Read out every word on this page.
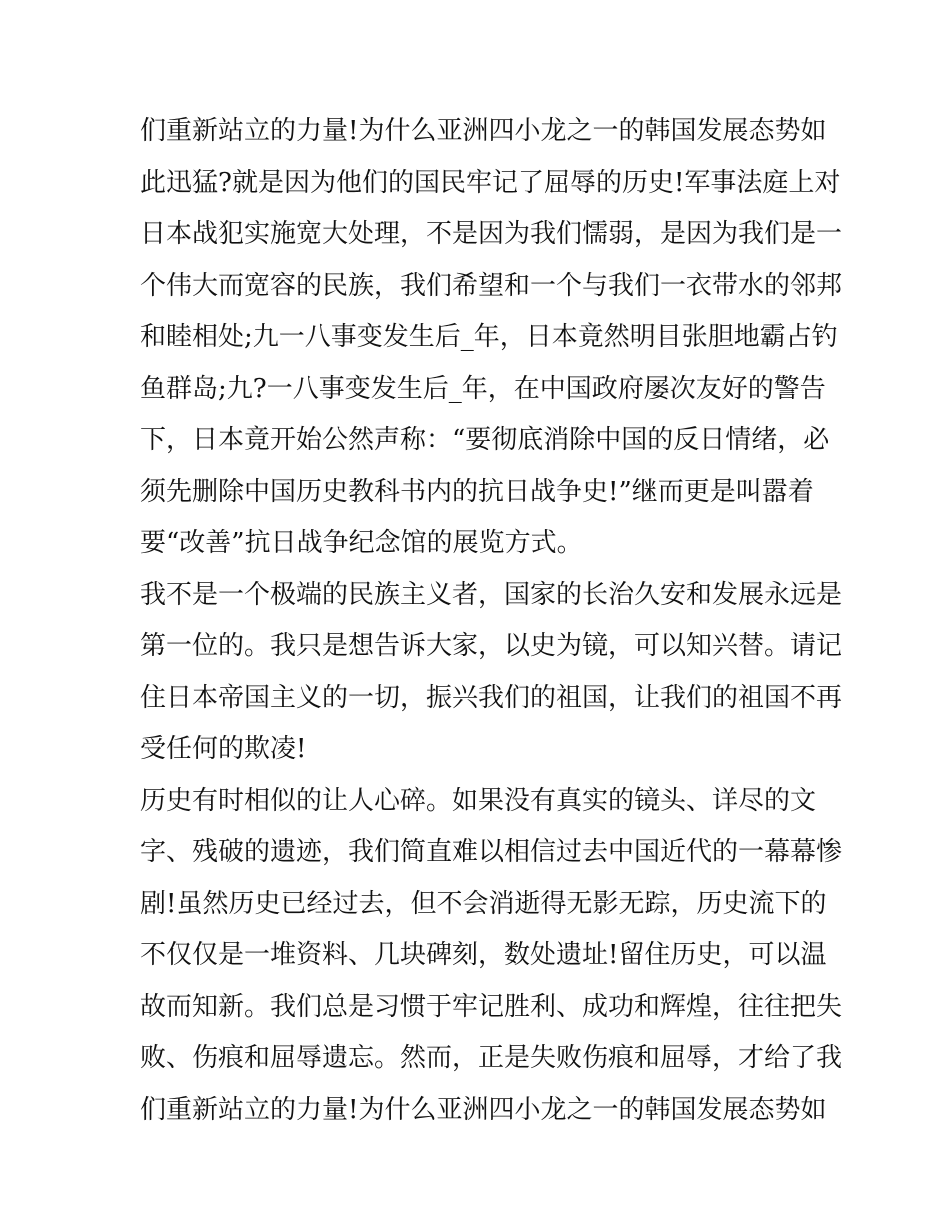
们重新站立的力量!为什么亚洲四小龙之一的韩国发展态势如
此迅猛?就是因为他们的国民牢记了屈辱的历史!军事法庭上对
日本战犯实施宽大处理，不是因为我们懦弱，是因为我们是一
个伟大而宽容的民族，我们希望和一个与我们一衣带水的邻邦
和睦相处;九一八事变发生后_年，日本竟然明目张胆地霸占钓
鱼群岛;九?一八事变发生后_年，在中国政府屡次友好的警告
下，日本竟开始公然声称：“要彻底消除中国的反日情绪，必
须先删除中国历史教科书内的抗日战争史!”继而更是叫嚣着
要“改善”抗日战争纪念馆的展览方式。
我不是一个极端的民族主义者，国家的长治久安和发展永远是
第一位的。我只是想告诉大家，以史为镜，可以知兴替。请记
住日本帝国主义的一切，振兴我们的祖国，让我们的祖国不再
受任何的欺凌!
历史有时相似的让人心碎。如果没有真实的镜头、详尽的文
字、残破的遗迹，我们简直难以相信过去中国近代的一幕幕惨
剧!虽然历史已经过去，但不会消逝得无影无踪，历史流下的
不仅仅是一堆资料、几块碑刻，数处遗址!留住历史，可以温
故而知新。我们总是习惯于牢记胜利、成功和辉煌，往往把失
败、伤痕和屈辱遗忘。然而，正是失败伤痕和屈辱，才给了我
们重新站立的力量!为什么亚洲四小龙之一的韩国发展态势如
